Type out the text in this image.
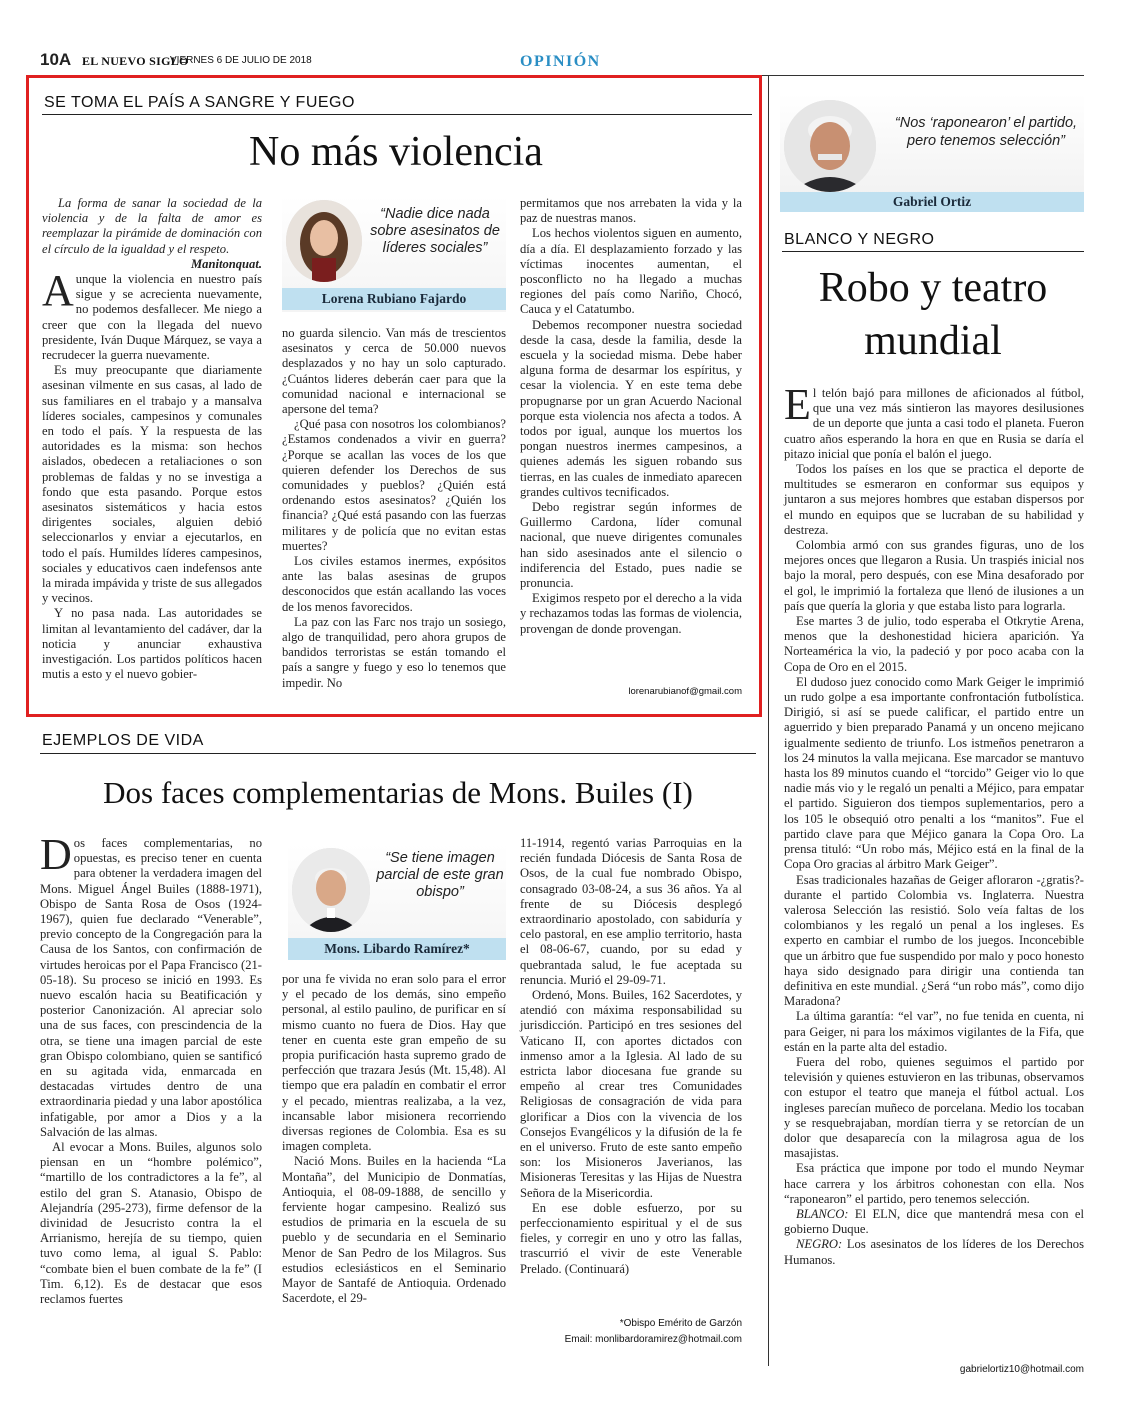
10A EL NUEVO SIGLO
VIERNES 6 DE JULIO DE 2018	OPINIÓN
SE TOMA EL PAÍS A SANGRE Y FUEGO
No más violencia

La forma de sanar la sociedad de la violencia y de la falta de amor es reemplazar la pirámide de dominación con el círculo de la igualdad y el respeto.

Manitonquat.

Aunque la violencia en nuestro país sigue y se acrecienta nuevamente, no podemos desfallecer. Me niego a creer que con la llegada del nuevo presidente, Iván Duque Márquez, se vaya a recrudecer la guerra nuevamente.

Es muy preocupante que diariamente asesinan vilmente en sus casas, al lado de sus familiares en el trabajo y a mansalva líderes sociales, campesinos y comunales en todo el país. Y la respuesta de las autoridades es la misma: son hechos aislados, obedecen a retaliaciones o son problemas de faldas y no se investiga a fondo que esta pasando. Porque estos asesinatos sistemáticos y hacia estos dirigentes sociales, alguien debió seleccionarlos y enviar a ejecutarlos, en todo el país. Humildes líderes campesinos, sociales y educativos caen indefensos ante la mirada impávida y triste de sus allegados y vecinos.

Y no pasa nada. Las autoridades se limitan al levantamiento del cadáver, dar la noticia y anunciar exhaustiva investigación. Los partidos políticos hacen mutis a esto y el nuevo gobier-

“Nadie dice nada sobre asesinatos de líderes sociales”
Lorena Rubiano Fajardo

no guarda silencio. Van más de trescientos asesinatos y cerca de 50.000 nuevos desplazados y no hay un solo capturado. ¿Cuántos lideres deberán caer para que la comunidad nacional e internacional se apersone del tema?

¿Qué pasa con nosotros los colombianos? ¿Estamos condenados a vivir en guerra? ¿Porque se acallan las voces de los que quieren defender los Derechos de sus comunidades y pueblos? ¿Quién está ordenando estos asesinatos? ¿Quién los financia? ¿Qué está pasando con las fuerzas militares y de policía que no evitan estas muertes?

Los civiles estamos inermes, expósitos ante las balas asesinas de grupos desconocidos que están acallando las voces de los menos favorecidos.

La paz con las Farc nos trajo un sosiego, algo de tranquilidad, pero ahora grupos de bandidos terroristas se están tomando el país a sangre y fuego y eso lo tenemos que impedir. No

permitamos que nos arrebaten la vida y la paz de nuestras manos.

Los hechos violentos siguen en aumento, día a día. El desplazamiento forzado y las víctimas inocentes aumentan, el posconflicto no ha llegado a muchas regiones del país como Nariño, Chocó, Cauca y el Catatumbo.

Debemos recomponer nuestra sociedad desde la casa, desde la familia, desde la escuela y la sociedad misma. Debe haber alguna forma de desarmar los espíritus, y cesar la violencia. Y en este tema debe propugnarse por un gran Acuerdo Nacional porque esta violencia nos afecta a todos. A todos por igual, aunque los muertos los pongan nuestros inermes campesinos, a quienes además les siguen robando sus tierras, en las cuales de inmediato aparecen grandes cultivos tecnificados.

Debo registrar según informes de Guillermo Cardona, líder comunal nacional, que nueve dirigentes comunales han sido asesinados ante el silencio o indiferencia del Estado, pues nadie se pronuncia.

Exigimos respeto por el derecho a la vida y rechazamos todas las formas de violencia, provengan de donde provengan.

lorenarubianof@gmail.com
EJEMPLOS DE VIDA
Dos faces complementarias de Mons. Builes (I)

Dos faces complementarias, no opuestas, es preciso tener en cuenta para obtener la verdadera imagen del Mons. Miguel Ángel Builes (1888-1971), Obispo de Santa Rosa de Osos (1924-1967), quien fue declarado “Venerable”, previo concepto de la Congregación para la Causa de los Santos, con confirmación de virtudes heroicas por el Papa Francisco (21-05-18). Su proceso se inició en 1993. Es nuevo escalón hacia su Beatificación y posterior Canonización. Al apreciar solo una de sus faces, con prescindencia de la otra, se tiene una imagen parcial de este gran Obispo colombiano, quien se santificó en su agitada vida, enmarcada en destacadas virtudes dentro de una extraordinaria piedad y una labor apostólica infatigable, por amor a Dios y a la Salvación de las almas.

Al evocar a Mons. Builes, algunos solo piensan en un “hombre polémico”, “martillo de los contradictores a la fe”, al estilo del gran S. Atanasio, Obispo de Alejandría (295-273), firme defensor de la divinidad de Jesucristo contra la el Arrianismo, herejía de su tiempo, quien tuvo como lema, al igual S. Pablo: “combate bien el buen combate de la fe” (I Tim. 6,12). Es de destacar que esos reclamos fuertes

“Se tiene imagen parcial de este gran obispo”
Mons. Libardo Ramírez*

por una fe vivida no eran solo para el error y el pecado de los demás, sino empeño personal, al estilo paulino, de purificar en sí mismo cuanto no fuera de Dios. Hay que tener en cuenta este gran empeño de su propia purificación hasta supremo grado de perfección que trazara Jesús (Mt. 15,48). Al tiempo que era paladín en combatir el error y el pecado, mientras realizaba, a la vez, incansable labor misionera recorriendo diversas regiones de Colombia. Esa es su imagen completa.

Nació Mons. Builes en la hacienda “La Montaña”, del Municipio de Donmatías, Antioquia, el 08-09-1888, de sencillo y ferviente hogar campesino. Realizó sus estudios de primaria en la escuela de su pueblo y de secundaria en el Seminario Menor de San Pedro de los Milagros. Sus estudios eclesiásticos en el Seminario Mayor de Santafé de Antioquia. Ordenado Sacerdote, el 29-

11-1914, regentó varias Parroquias en la recién fundada Diócesis de Santa Rosa de Osos, de la cual fue nombrado Obispo, consagrado 03-08-24, a sus 36 años. Ya al frente de su Diócesis desplegó extraordinario apostolado, con sabiduría y celo pastoral, en ese amplio territorio, hasta el 08-06-67, cuando, por su edad y quebrantada salud, le fue aceptada su renuncia. Murió el 29-09-71.

Ordenó, Mons. Builes, 162 Sacerdotes, y atendió con máxima responsabilidad su jurisdicción. Participó en tres sesiones del Vaticano II, con aportes dictados con inmenso amor a la Iglesia. Al lado de su estricta labor diocesana fue grande su empeño al crear tres Comunidades Religiosas de consagración de vida para glorificar a Dios con la vivencia de los Consejos Evangélicos y la difusión de la fe en el universo. Fruto de este santo empeño son: los Misioneros Javerianos, las Misioneras Teresitas y las Hijas de Nuestra Señora de la Misericordia.

En ese doble esfuerzo, por su perfeccionamiento espiritual y el de sus fieles, y corregir en uno y otro las fallas, trascurrió el vivir de este Venerable Prelado. (Continuará)

*Obispo Emérito de Garzón
Email: monlibardoramirez@hotmail.com
“Nos ‘raponearon’ el partido, pero tenemos selección”
Gabriel Ortiz
BLANCO Y NEGRO
Robo y teatro mundial

El telón bajó para millones de aficionados al fútbol, que una vez más sintieron las mayores desilusiones de un deporte que junta a casi todo el planeta. Fueron cuatro años esperando la hora en que en Rusia se daría el pitazo inicial que ponía el balón el juego.

Todos los países en los que se practica el deporte de multitudes se esmeraron en conformar sus equipos y juntaron a sus mejores hombres que estaban dispersos por el mundo en equipos que se lucraban de su habilidad y destreza.

Colombia armó con sus grandes figuras, uno de los mejores onces que llegaron a Rusia. Un traspiés inicial nos bajo la moral, pero después, con ese Mina desaforado por el gol, le imprimió la fortaleza que llenó de ilusiones a un país que quería la gloria y que estaba listo para lograrla.

Ese martes 3 de julio, todo esperaba el Otkrytie Arena, menos que la deshonestidad hiciera aparición. Ya Norteamérica la vio, la padeció y por poco acaba con la Copa de Oro en el 2015.

El dudoso juez conocido como Mark Geiger le imprimió un rudo golpe a esa importante confrontación futbolística. Dirigió, si así se puede calificar, el partido entre un aguerrido y bien preparado Panamá y un onceno mejicano igualmente sediento de triunfo. Los istmeños penetraron a los 24 minutos la valla mejicana. Ese marcador se mantuvo hasta los 89 minutos cuando el “torcido” Geiger vio lo que nadie más vio y le regaló un penalti a Méjico, para empatar el partido. Siguieron dos tiempos suplementarios, pero a los 105 le obsequió otro penalti a los “manitos”. Fue el partido clave para que Méjico ganara la Copa Oro. La prensa tituló: “Un robo más, Méjico está en la final de la Copa Oro gracias al árbitro Mark Geiger”.

Esas tradicionales hazañas de Geiger afloraron -¿gratis?- durante el partido Colombia vs. Inglaterra. Nuestra valerosa Selección las resistió. Solo veía faltas de los colombianos y les regaló un penal a los ingleses. Es experto en cambiar el rumbo de los juegos. Inconcebible que un árbitro que fue suspendido por malo y poco honesto haya sido designado para dirigir una contienda tan definitiva en este mundial. ¿Será “un robo más”, como dijo Maradona?

La última garantía: “el var”, no fue tenida en cuenta, ni para Geiger, ni para los máximos vigilantes de la Fifa, que están en la parte alta del estadio.

Fuera del robo, quienes seguimos el partido por televisión y quienes estuvieron en las tribunas, observamos con estupor el teatro que maneja el fútbol actual. Los ingleses parecían muñeco de porcelana. Medio los tocaban y se resquebrajaban, mordían tierra y se retorcían de un dolor que desaparecía con la milagrosa agua de los masajistas.

Esa práctica que impone por todo el mundo Neymar hace carrera y los árbitros cohonestan con ella. Nos “raponearon” el partido, pero tenemos selección.

BLANCO: El ELN, dice que mantendrá mesa con el gobierno Duque.

NEGRO: Los asesinatos de los líderes de los Derechos Humanos.

gabrielortiz10@hotmail.com
